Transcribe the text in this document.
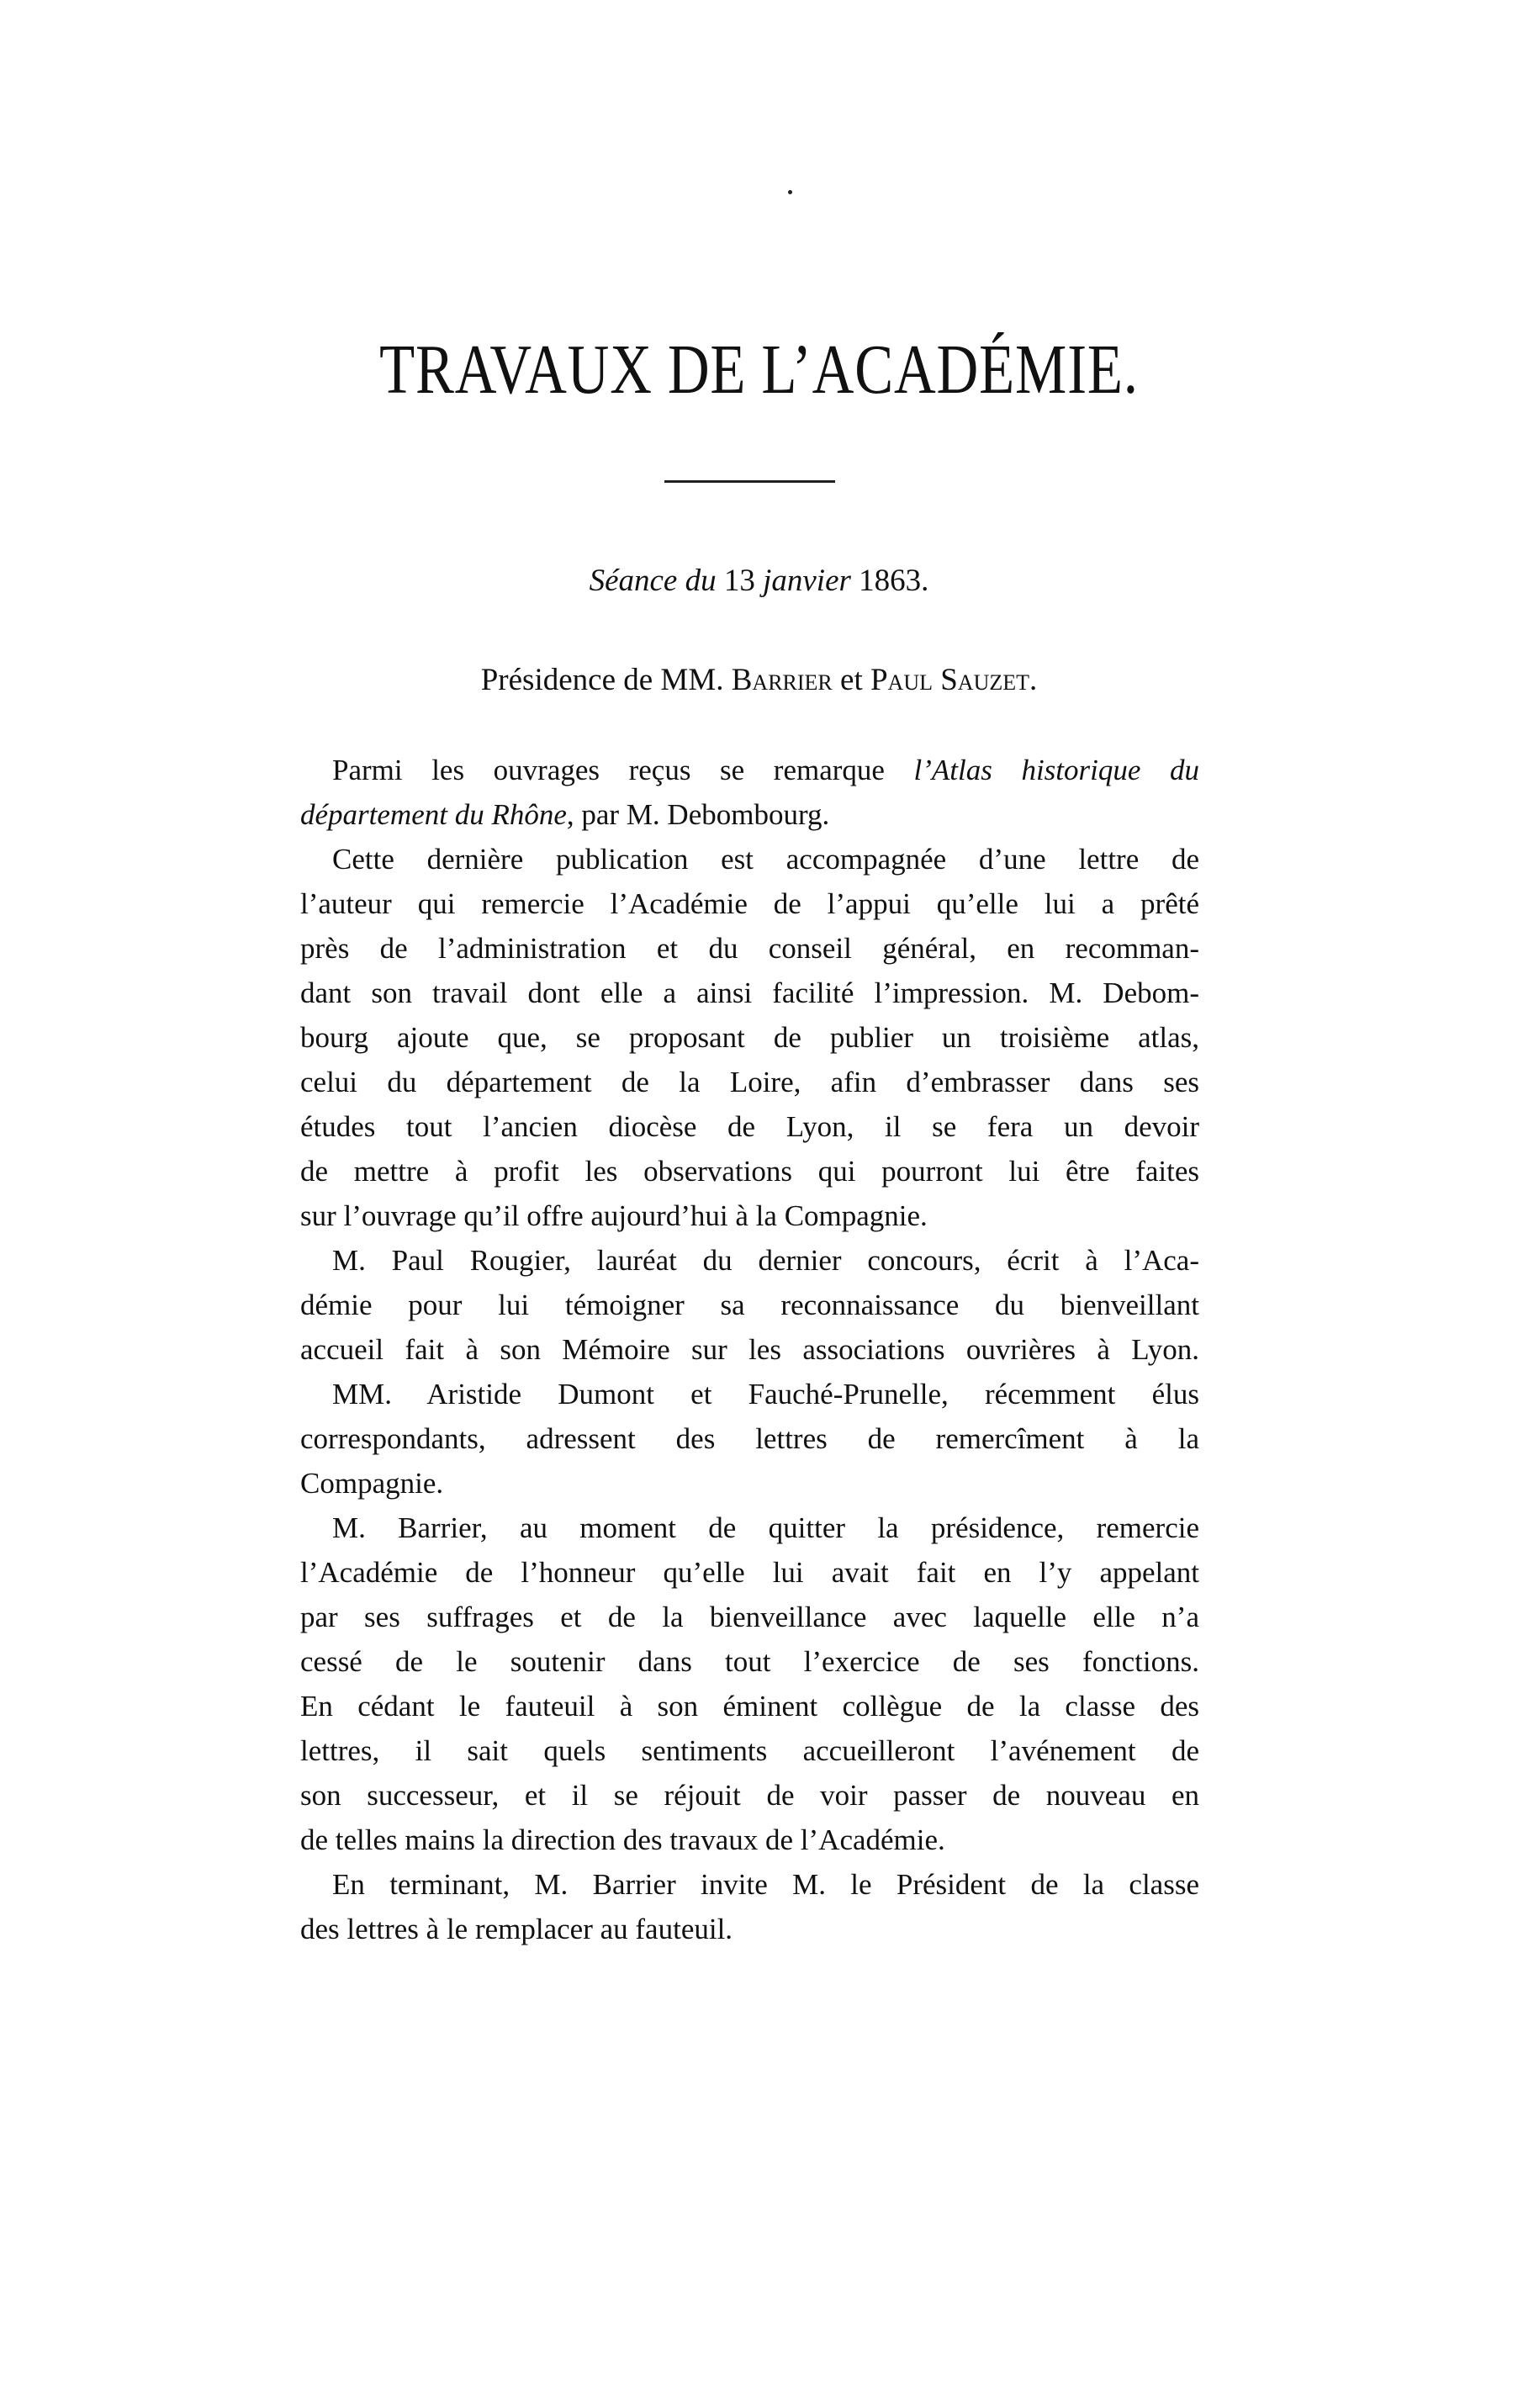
TRAVAUX DE L’ACADÉMIE.
Séance du 13 janvier 1863.
Présidence de MM. Barrier et Paul Sauzet.
Parmi les ouvrages reçus se remarque l’Atlas historique du
département du Rhône, par M. Debombourg.
Cette dernière publication est accompagnée d’une lettre de
l’auteur qui remercie l’Académie de l’appui qu’elle lui a prêté
près de l’administration et du conseil général, en recomman-
dant son travail dont elle a ainsi facilité l’impression. M. Debom-
bourg ajoute que, se proposant de publier un troisième atlas,
celui du département de la Loire, afin d’embrasser dans ses
études tout l’ancien diocèse de Lyon, il se fera un devoir
de mettre à profit les observations qui pourront lui être faites
sur l’ouvrage qu’il offre aujourd’hui à la Compagnie.
M. Paul Rougier, lauréat du dernier concours, écrit à l’Aca-
démie pour lui témoigner sa reconnaissance du bienveillant
accueil fait à son Mémoire sur les associations ouvrières à Lyon.
MM. Aristide Dumont et Fauché-Prunelle, récemment élus
correspondants, adressent des lettres de remercîment à la
Compagnie.
M. Barrier, au moment de quitter la présidence, remercie
l’Académie de l’honneur qu’elle lui avait fait en l’y appelant
par ses suffrages et de la bienveillance avec laquelle elle n’a
cessé de le soutenir dans tout l’exercice de ses fonctions.
En cédant le fauteuil à son éminent collègue de la classe des
lettres, il sait quels sentiments accueilleront l’avénement de
son successeur, et il se réjouit de voir passer de nouveau en
de telles mains la direction des travaux de l’Académie.
En terminant, M. Barrier invite M. le Président de la classe
des lettres à le remplacer au fauteuil.
